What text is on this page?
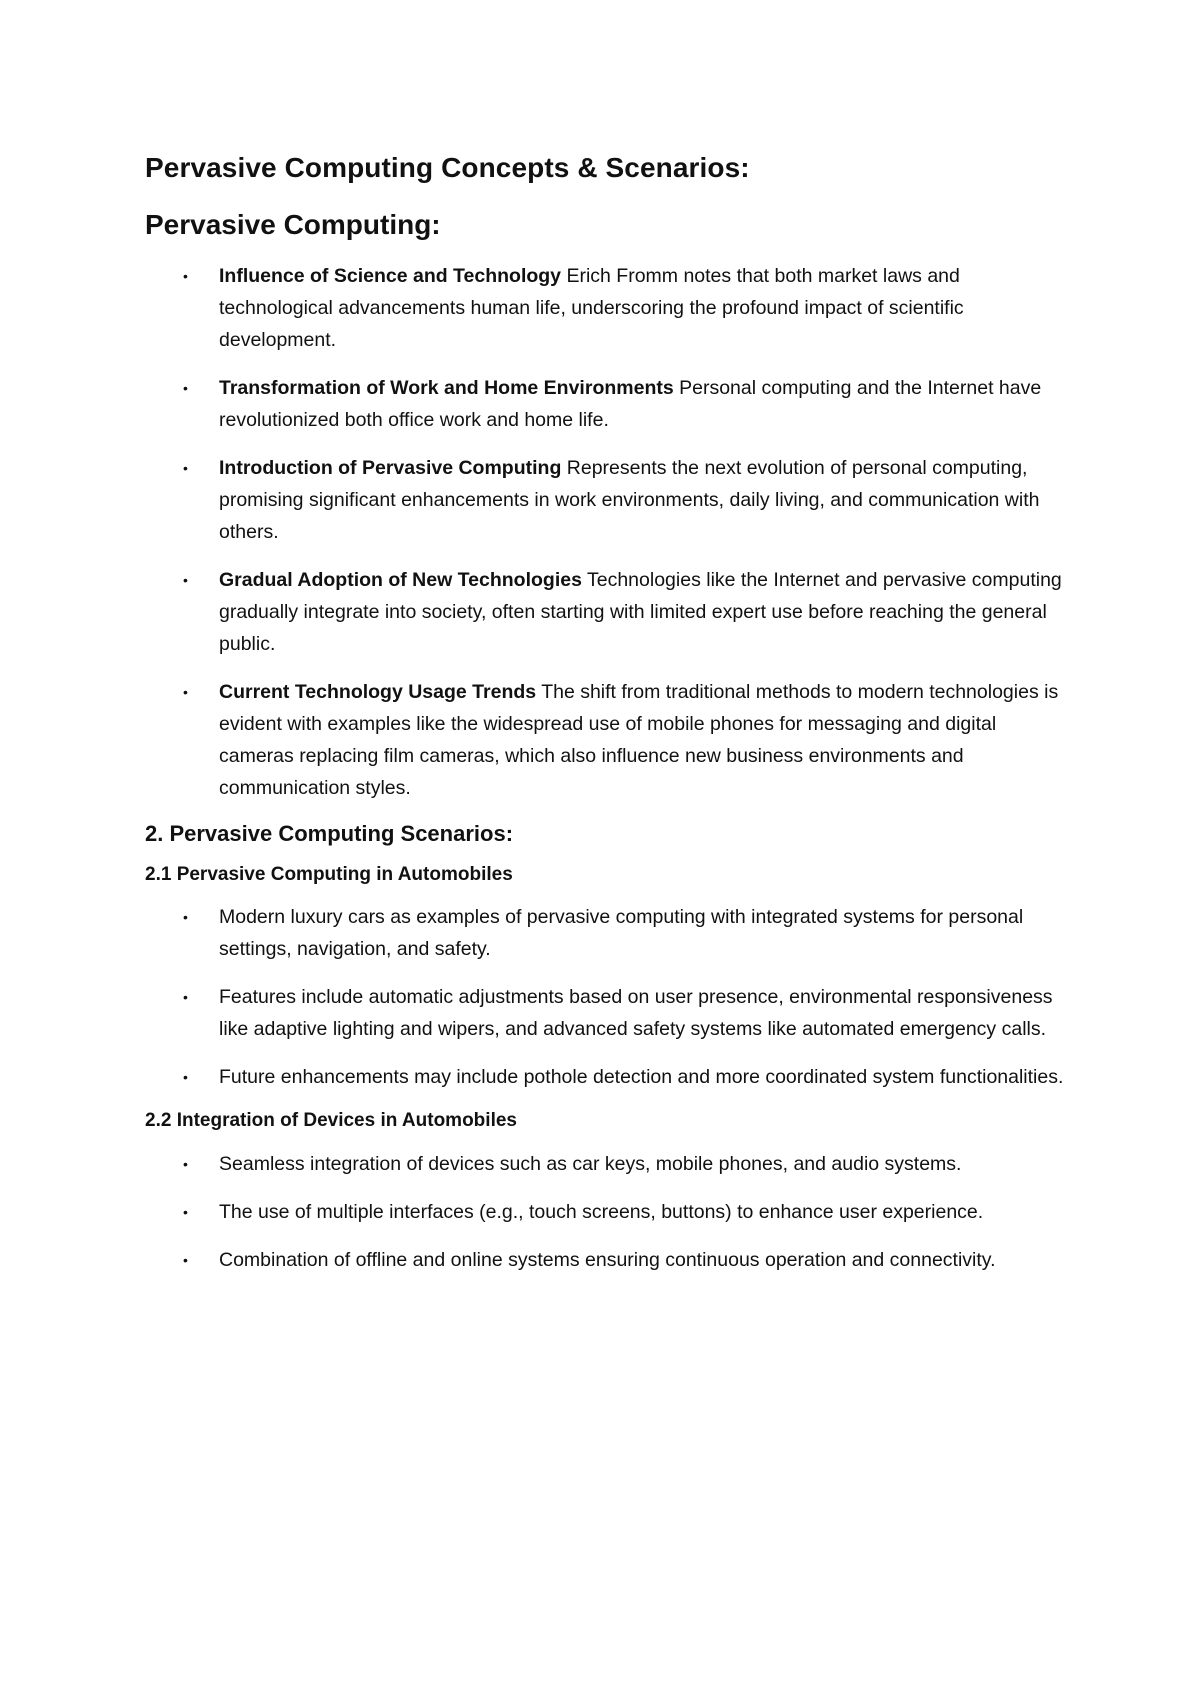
Pervasive Computing Concepts & Scenarios:
Pervasive Computing:
• Influence of Science and Technology Erich Fromm notes that both market laws and technological advancements human life, underscoring the profound impact of scientific development.
• Transformation of Work and Home Environments Personal computing and the Internet have revolutionized both office work and home life.
• Introduction of Pervasive Computing Represents the next evolution of personal computing, promising significant enhancements in work environments, daily living, and communication with others.
• Gradual Adoption of New Technologies Technologies like the Internet and pervasive computing gradually integrate into society, often starting with limited expert use before reaching the general public.
• Current Technology Usage Trends The shift from traditional methods to modern technologies is evident with examples like the widespread use of mobile phones for messaging and digital cameras replacing film cameras, which also influence new business environments and communication styles.
2. Pervasive Computing Scenarios:
2.1 Pervasive Computing in Automobiles
• Modern luxury cars as examples of pervasive computing with integrated systems for personal settings, navigation, and safety.
• Features include automatic adjustments based on user presence, environmental responsiveness like adaptive lighting and wipers, and advanced safety systems like automated emergency calls.
• Future enhancements may include pothole detection and more coordinated system functionalities.
2.2 Integration of Devices in Automobiles
• Seamless integration of devices such as car keys, mobile phones, and audio systems.
• The use of multiple interfaces (e.g., touch screens, buttons) to enhance user experience.
• Combination of offline and online systems ensuring continuous operation and connectivity.
